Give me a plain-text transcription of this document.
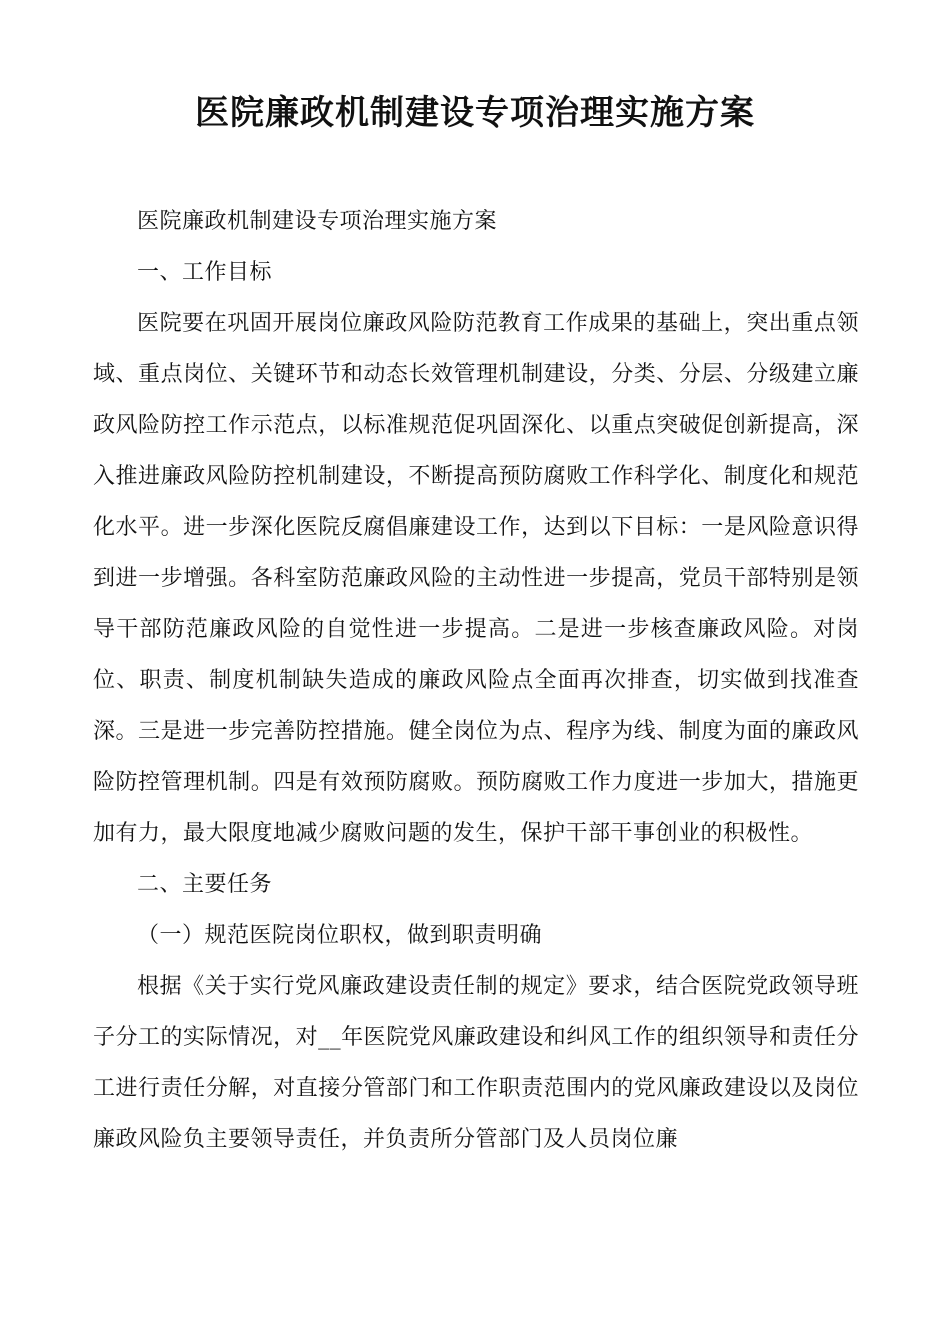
医院廉政机制建设专项治理实施方案

医院廉政机制建设专项治理实施方案

一、工作目标

医院要在巩固开展岗位廉政风险防范教育工作成果的基础上，突出重点领域、重点岗位、关键环节和动态长效管理机制建设，分类、分层、分级建立廉政风险防控工作示范点，以标准规范促巩固深化、以重点突破促创新提高，深入推进廉政风险防控机制建设，不断提高预防腐败工作科学化、制度化和规范化水平。进一步深化医院反腐倡廉建设工作，达到以下目标：一是风险意识得到进一步增强。各科室防范廉政风险的主动性进一步提高，党员干部特别是领导干部防范廉政风险的自觉性进一步提高。二是进一步核查廉政风险。对岗位、职责、制度机制缺失造成的廉政风险点全面再次排查，切实做到找准查深。三是进一步完善防控措施。健全岗位为点、程序为线、制度为面的廉政风险防控管理机制。四是有效预防腐败。预防腐败工作力度进一步加大，措施更加有力，最大限度地减少腐败问题的发生，保护干部干事创业的积极性。

二、主要任务

（一）规范医院岗位职权，做到职责明确

根据《关于实行党风廉政建设责任制的规定》要求，结合医院党政领导班子分工的实际情况，对__年医院党风廉政建设和纠风工作的组织领导和责任分工进行责任分解，对直接分管部门和工作职责范围内的党风廉政建设以及岗位廉政风险负主要领导责任，并负责所分管部门及人员岗位廉
